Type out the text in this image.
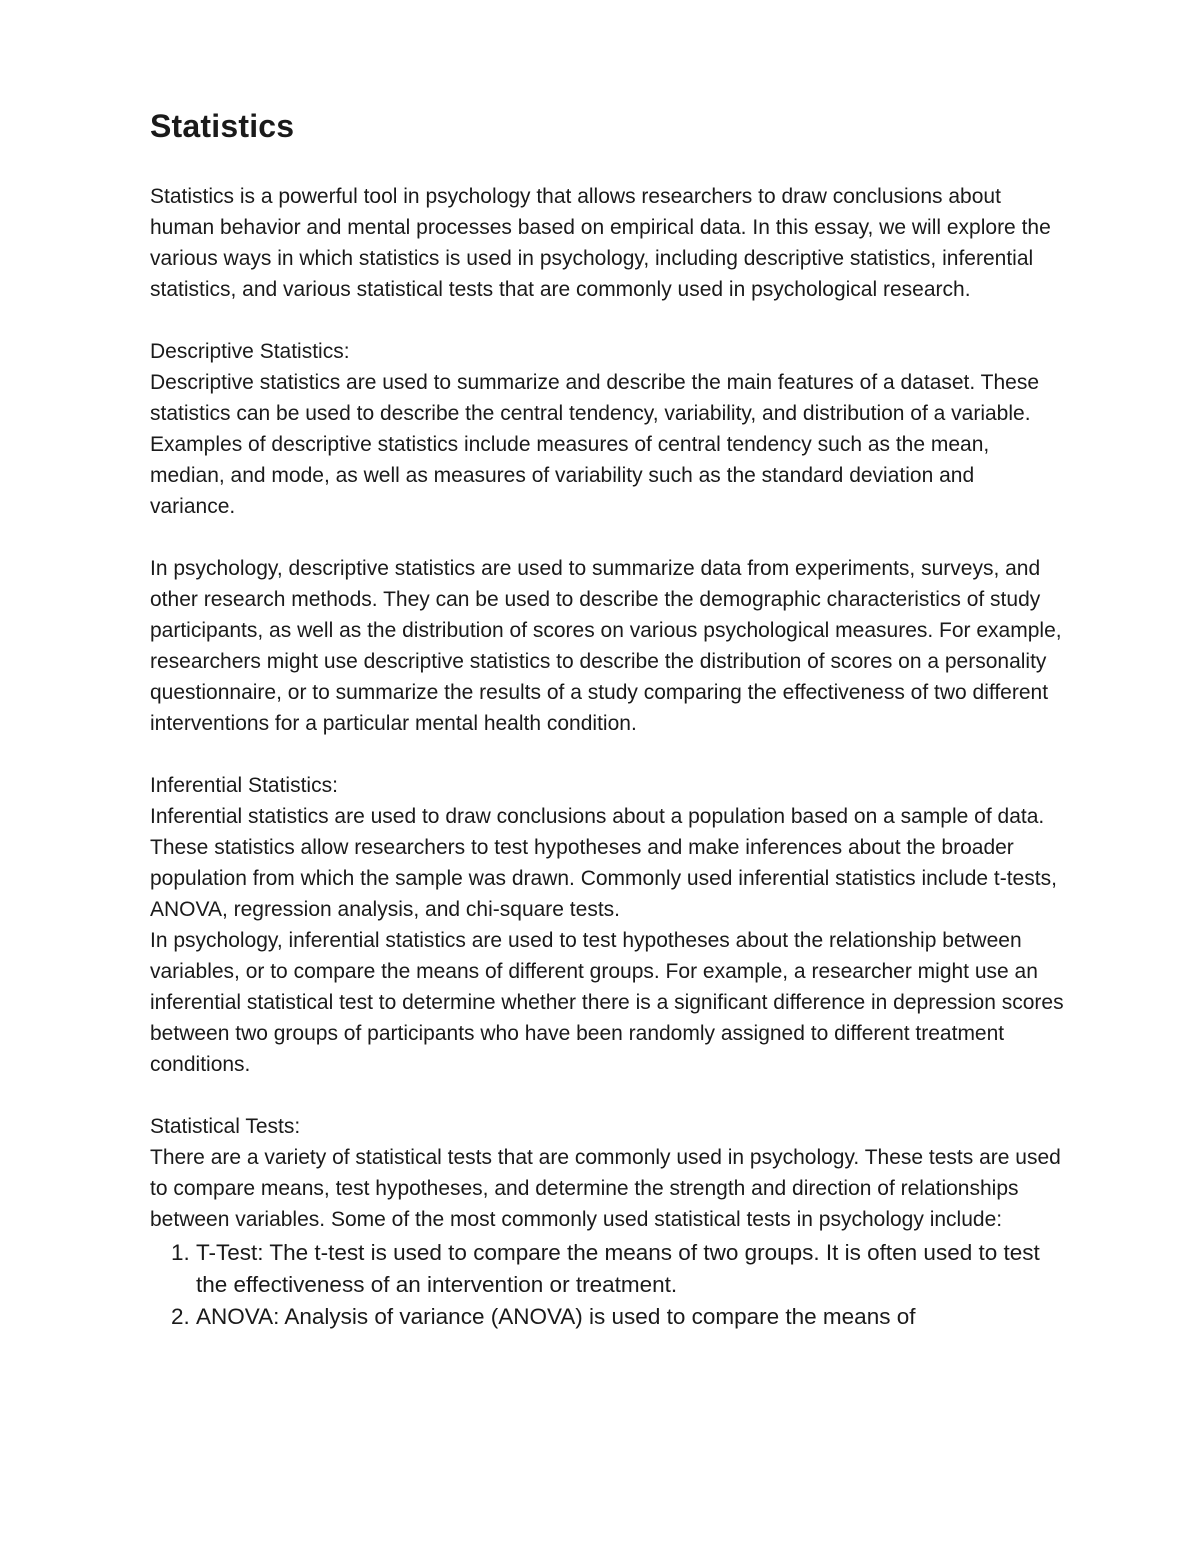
Statistics

Statistics is a powerful tool in psychology that allows researchers to draw conclusions about human behavior and mental processes based on empirical data. In this essay, we will explore the various ways in which statistics is used in psychology, including descriptive statistics, inferential statistics, and various statistical tests that are commonly used in psychological research.

Descriptive Statistics:

Descriptive statistics are used to summarize and describe the main features of a dataset. These statistics can be used to describe the central tendency, variability, and distribution of a variable. Examples of descriptive statistics include measures of central tendency such as the mean, median, and mode, as well as measures of variability such as the standard deviation and variance.

In psychology, descriptive statistics are used to summarize data from experiments, surveys, and other research methods. They can be used to describe the demographic characteristics of study participants, as well as the distribution of scores on various psychological measures. For example, researchers might use descriptive statistics to describe the distribution of scores on a personality questionnaire, or to summarize the results of a study comparing the effectiveness of two different interventions for a particular mental health condition.

Inferential Statistics:

Inferential statistics are used to draw conclusions about a population based on a sample of data. These statistics allow researchers to test hypotheses and make inferences about the broader population from which the sample was drawn. Commonly used inferential statistics include t-tests, ANOVA, regression analysis, and chi-square tests.

In psychology, inferential statistics are used to test hypotheses about the relationship between variables, or to compare the means of different groups. For example, a researcher might use an inferential statistical test to determine whether there is a significant difference in depression scores between two groups of participants who have been randomly assigned to different treatment conditions.

Statistical Tests:

There are a variety of statistical tests that are commonly used in psychology. These tests are used to compare means, test hypotheses, and determine the strength and direction of relationships between variables. Some of the most commonly used statistical tests in psychology include:

1. T-Test: The t-test is used to compare the means of two groups. It is often used to test the effectiveness of an intervention or treatment.
2. ANOVA: Analysis of variance (ANOVA) is used to compare the means of
